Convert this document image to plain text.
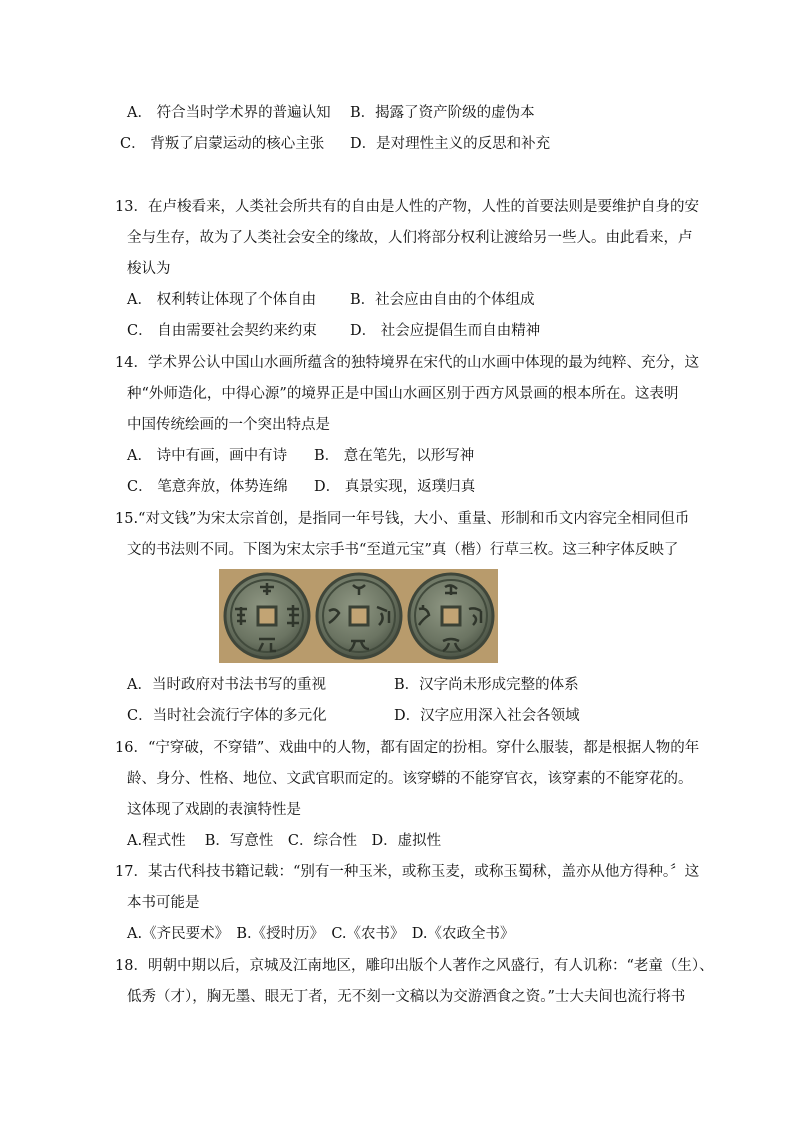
A． 符合当时学术界的普遍认知 B．揭露了资产阶级的虚伪本
C． 背叛了启蒙运动的核心主张 D．是对理性主义的反思和补充
13．在卢梭看来，人类社会所共有的自由是人性的产物，人性的首要法则是要维护自身的安
全与生存，故为了人类社会安全的缘故，人们将部分权利让渡给另一些人。由此看来，卢
梭认为
A． 权利转让体现了个体自由 B．社会应由自由的个体组成
C． 自由需要社会契约来约束 D． 社会应提倡生而自由精神
14．学术界公认中国山水画所蕴含的独特境界在宋代的山水画中体现的最为纯粹、充分，这
种“外师造化，中得心源”的境界正是中国山水画区别于西方风景画的根本所在。这表明
中国传统绘画的一个突出特点是
A． 诗中有画，画中有诗 B． 意在笔先，以形写神
C． 笔意奔放，体势连绵 D． 真景实现，返璞归真
15.“对文钱”为宋太宗首创，是指同一年号钱，大小、重量、形制和币文内容完全相同但币
文的书法则不同。下图为宋太宗手书“至道元宝”真（楷）行草三枚。这三种字体反映了
A．当时政府对书法书写的重视	B．汉字尚未形成完整的体系
C．当时社会流行字体的多元化	D．汉字应用深入社会各领域
16．“宁穿破，不穿错”、戏曲中的人物，都有固定的扮相。穿什么服装，都是根据人物的年
龄、身分、性格、地位、文武官职而定的。该穿蟒的不能穿官衣，该穿素的不能穿花的。
这体现了戏剧的表演特性是
A.程式性　 B．写意性　C．综合性　D．虚拟性
17．某古代科技书籍记载：“别有一种玉米，或称玉麦，或称玉蜀秫，盖亦从他方得种。〞这
本书可能是
A.《齐民要术》　B.《授时历》　C.《农书》　D.《农政全书》
18．明朝中期以后，京城及江南地区，雕印出版个人著作之风盛行，有人讥称：“老童（生）、
低秀（才），胸无墨、眼无丁者，无不刻一文稿以为交游酒食之资。”士大夫间也流行将书
